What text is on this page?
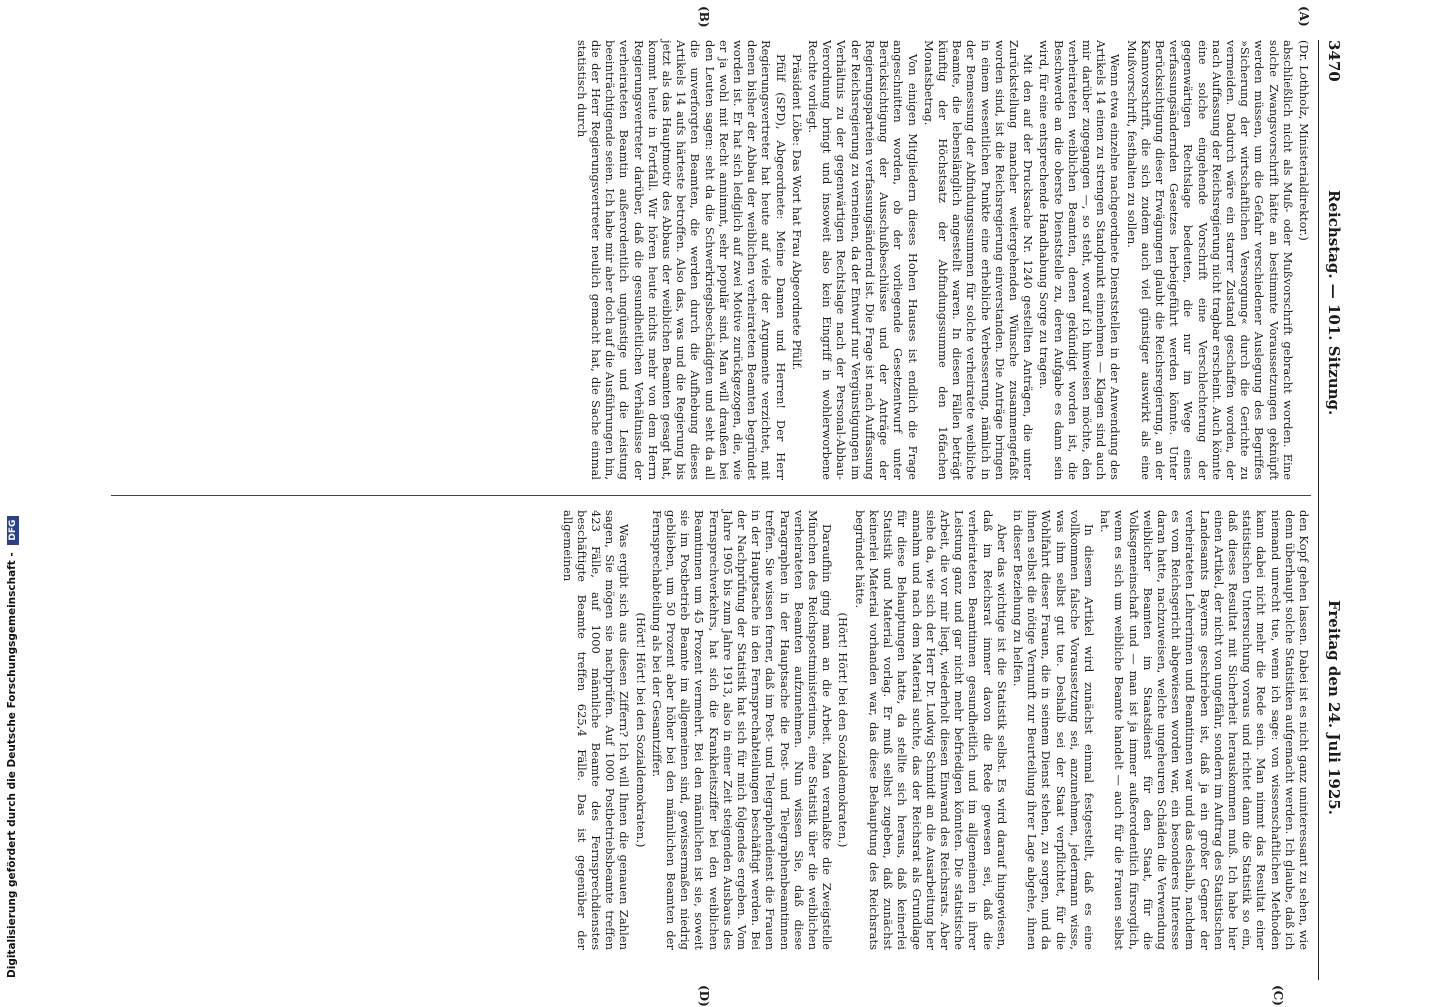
3470
Reichstag. — 101. Sitzung.
Freitag den 24. Juli 1925.
(A)
(B)
(C)
(D)

(Dr. Lothholz, Ministerialdirektor.)

abschließlich nicht als Muß- oder Mußvorschrift gebracht worden. Eine solche Zwangsvorschrift hätte an bestimmte Voraussetzungen geknüpft werden müssen, um die Gefahr verschiedener Auslegung des Begriffes »Sicherung der wirtschaftlichen Versorgung« durch die Gerichte zu vermeiden. Dadurch wäre ein starrer Zustand geschaffen worden, der nach Auffassung der Reichsregierung nicht tragbar erscheint. Auch könnte eine solche eingehende Vorschrift eine Verschlechterung der gegenwärtigen Rechtslage bedeuten, die nur im Wege eines verfassungsändernden Gesetzes herbeigeführt werden könnte. Unter Berücksichtigung dieser Erwägungen glaubt die Reichsregierung, an der Kannvorschrift, die sich zudem auch viel günstiger auswirkt als eine Mußvorschrift, festhalten zu sollen.

Wenn etwa einzelne nachgeordnete Dienststellen in der Anwendung des Artikels 14 einen zu strengen Standpunkt einnehmen — Klagen sind auch mir darüber zugegangen —, so steht, worauf ich hinweisen möchte, den verheirateten weiblichen Beamten, denen gekündigt worden ist, die Beschwerde an die oberste Dienststelle zu, deren Aufgabe es dann sein wird, für eine entsprechende Handhabung Sorge zu tragen.

Mit den auf der Drucksache Nr. 1240 gestellten Anträgen, die unter Zurückstellung mancher weitergehenden Wünsche zusammengefaßt worden sind, ist die Reichsregierung einverstanden. Die Anträge bringen in einem wesentlichen Punkte eine erhebliche Verbesserung, nämlich in der Bemessung der Abfindungssummen für solche verheiratete weibliche Beamte, die lebenslänglich angestellt waren. In diesen Fällen beträgt künftig der Höchstsatz der Abfindungssumme den 16fachen Monatsbetrag.

Von einigen Mitgliedern dieses Hohen Hauses ist endlich die Frage angeschnitten worden, ob der vorliegende Gesetzentwurf unter Berücksichtigung der Ausschußbeschlüsse und der Anträge der Regierungsparteien verfassungsändernd ist. Die Frage ist nach Auffassung der Reichsregierung zu verneinen, da der Entwurf nur Vergünstigungen im Verhältnis zu der gegenwärtigen Rechtslage nach der Personal-Abbau-Verordnung bringt und insoweit also kein Eingriff in wohlerworbene Rechte vorliegt.

Präsident Löbe: Das Wort hat Frau Abgeordnete Pfülf.

Pfülf (SPD), Abgeordnete: Meine Damen und Herren! Der Herr Regierungsvertreter hat heute auf viele der Argumente verzichtet, mit denen bisher der Abbau der weiblichen verheirateten Beamten begründet worden ist. Er hat sich lediglich auf zwei Motive zurückgezogen, die, wie er ja wohl mit Recht annimmt, sehr populär sind. Man will draußen bei den Leuten sagen: seht da die Schwerkriegsbeschädigten und seht da all die unverforgten Beamten, die werden durch die Aufhebung dieses Artikels 14 aufs härteste betroffen. Also das, was und die Regierung bis jetzt als das Hauptmotiv des Abbaus der weiblichen Beamten gesagt hat, kommt heute in Fortfall. Wir hören heute nichts mehr von dem Herrn Regierungsvertreter darüber, daß die gesundheitlichen Verhältnisse der verheirateten Beamtin außerordentlich ungünstige und die Leistung beeinträchtigende seien. Ich habe mir aber doch auf die Ausführungen hin, die der Herr Regierungsvertreter neulich gemacht hat, die Sache einmal statistisch durch

den Kopf gehen lassen. Dabei ist es nicht ganz uninteressant zu sehen, wie denn überhaupt solche Statistiken aufgemacht werden. Ich glaube, daß ich niemand unrecht tue, wenn ich sage: von wissenschaftlichen Methoden kann dabei nicht mehr die Rede sein. Man nimmt das Resultat einer statistischen Untersuchung voraus und richtet dann die Statistik so ein, daß dieses Resultat mit Sicherheit herauskommen muß. Ich habe hier einen Artikel, der nicht von ungefähr, sondern im Auftrag des Statistischen Landesamts Bayerns geschrieben ist, daß ja ein großer Gegner der verheirateten Lehrerinnen und Beamtinnen war und das deshalb, nachdem es vom Reichsgericht abgewiesen worden war, ein besonderes Interesse daran hatte, nachzuweisen, welche ungeheuren Schäden die Verwendung weiblicher Beamten im Staatsdienst für den Staat, für die Volksgemeinschaft und — man ist ja immer außerordentlich fürsorglich, wenn es sich um weibliche Beamte handelt — auch für die Frauen selbst hat.

In diesem Artikel wird zunächst einmal festgestellt, daß es eine vollkommen falsche Voraussetzung sei, anzunehmen, jedermann wisse, was ihm selbst gut tue. Deshalb sei der Staat verpflichtet, für die Wohlfahrt dieser Frauen, die in seinem Dienst stehen, zu sorgen, und da ihnen selbst die nötige Vernunft zur Beurteilung ihrer Lage abgehe, ihnen in dieser Beziehung zu helfen.

Aber das wichtige ist die Statistik selbst. Es wird darauf hingewiesen, daß im Reichsrat immer davon die Rede gewesen sei, daß die verheirateten Beamtinnen gesundheitlich und im allgemeinen in ihrer Leistung ganz und gar nicht mehr befriedigen könnten. Die statistische Arbeit, die vor mir liegt, wiederholt diesen Einwand des Reichsrats. Aber siehe da, wie sich der Herr Dr. Ludwig Schmidt an die Ausarbeitung her annahm und nach dem Material suchte, das der Reichsrat als Grundlage für diese Behauptungen hatte, da stellte sich heraus, daß keinerlei Statistik und Material vorlag. Er muß selbst zugeben, daß zunächst keinerlei Material vorhanden war, das diese Behauptung des Reichsrats begründet hätte.

(Hört! Hört! bei den Sozialdemokraten.)

Daraufhin ging man an die Arbeit. Man veranlaßte die Zweigstelle München des Reichspostministeriums, eine Statistik über die weiblichen verheirateten Beamten aufzunehmen. Nun wissen Sie, daß diese Paragraphen in der Hauptsache die Post- und Telegraphenbeamtinnen treffen. Sie wissen ferner, daß im Post- und Telegraphendienst die Frauen in der Hauptsache in den Fernsprechabteilungen beschäftigt werden. Bei der Nachprüfung der Statistik hat sich für mich folgendes ergeben. Vom Jahre 1905 bis zum Jahre 1913, also in einer Zeit steigenden Ausbaus des Fernsprechverkehrs, hat sich die Krankheitsziffer bei den weiblichen Beamtinnen um 45 Prozent vermehrt. Bei den männlichen ist sie, soweit sie im Postbetrieb Beamte im allgemeinen sind, gewissermaßen niedrig geblieben, um 50 Prozent aber höher bei den männlichen Beamten der Fernsprechabteilung als bei der Gesamtziffer.

(Hört! Hört! bei den Sozialdemokraten.)

Was ergibt sich aus diesen Ziffern? Ich will Ihnen die genauen Zahlen sagen, Sie mögen sie nachprüfen. Auf 1000 Postbetriebsbeamte treffen 423 Fälle, auf 1000 männliche Beamte des Fernsprechdienstes beschäftigte Beamte treffen 625,4 Fälle. Das ist gegenüber der allgemeinen

Digitalisierung gefördert durch die Deutsche Forschungsgemeinschaft - DFG
